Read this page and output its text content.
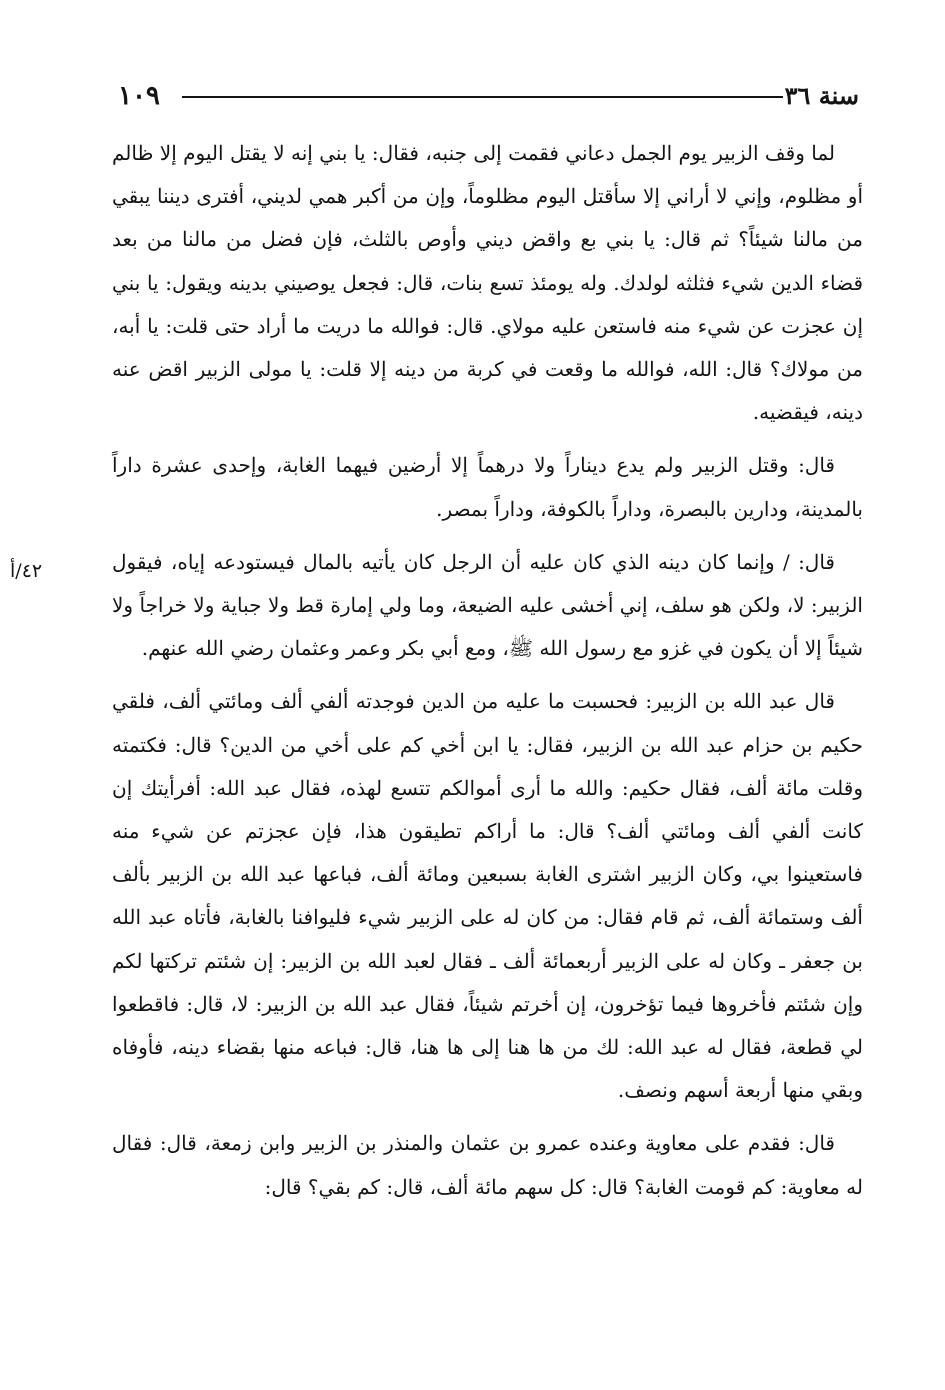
سنة ٣٦
١٠٩

لما وقف الزبير يوم الجمل دعاني فقمت إلى جنبه، فقال: يا بني إنه لا يقتل اليوم إلا ظالم أو مظلوم، وإني لا أراني إلا سأقتل اليوم مظلوماً، وإن من أكبر همي لديني، أفترى ديننا يبقي من مالنا شيئاً؟ ثم قال: يا بني بع واقض ديني وأوص بالثلث، فإن فضل من مالنا من بعد قضاء الدين شيء فثلثه لولدك. وله يومئذ تسع بنات، قال: فجعل يوصيني بدينه ويقول: يا بني إن عجزت عن شيء منه فاستعن عليه مولاي. قال: فوالله ما دريت ما أراد حتى قلت: يا أبه، من مولاك؟ قال: الله، فوالله ما وقعت في كربة من دينه إلا قلت: يا مولى الزبير اقض عنه دينه، فيقضيه.

قال: وقتل الزبير ولم يدع ديناراً ولا درهماً إلا أرضين فيهما الغابة، وإحدى عشرة داراً بالمدينة، ودارين بالبصرة، وداراً بالكوفة، وداراً بمصر.

قال: / وإنما كان دينه الذي كان عليه أن الرجل كان يأتيه بالمال فيستودعه إياه، فيقول الزبير: لا، ولكن هو سلف، إني أخشى عليه الضيعة، وما ولي إمارة قط ولا جباية ولا خراجاً ولا شيئاً إلا أن يكون في غزو مع رسول الله ﷺ، ومع أبي بكر وعمر وعثمان رضي الله عنهم.

قال عبد الله بن الزبير: فحسبت ما عليه من الدين فوجدته ألفي ألف ومائتي ألف، فلقي حكيم بن حزام عبد الله بن الزبير، فقال: يا ابن أخي كم على أخي من الدين؟ قال: فكتمته وقلت مائة ألف، فقال حكيم: والله ما أرى أموالكم تتسع لهذه، فقال عبد الله: أفرأيتك إن كانت ألفي ألف ومائتي ألف؟ قال: ما أراكم تطيقون هذا، فإن عجزتم عن شيء منه فاستعينوا بي، وكان الزبير اشترى الغابة بسبعين ومائة ألف، فباعها عبد الله بن الزبير بألف ألف وستمائة ألف، ثم قام فقال: من كان له على الزبير شيء فليوافنا بالغابة، فأتاه عبد الله بن جعفر ـ وكان له على الزبير أربعمائة ألف ـ فقال لعبد الله بن الزبير: إن شئتم تركتها لكم وإن شئتم فأخروها فيما تؤخرون، إن أخرتم شيئاً، فقال عبد الله بن الزبير: لا، قال: فاقطعوا لي قطعة، فقال له عبد الله: لك من ها هنا إلى ها هنا، قال: فباعه منها بقضاء دينه، فأوفاه وبقي منها أربعة أسهم ونصف.

قال: فقدم على معاوية وعنده عمرو بن عثمان والمنذر بن الزبير وابن زمعة، قال: فقال له معاوية: كم قومت الغابة؟ قال: كل سهم مائة ألف، قال: كم بقي؟ قال:

٤٢/أ
